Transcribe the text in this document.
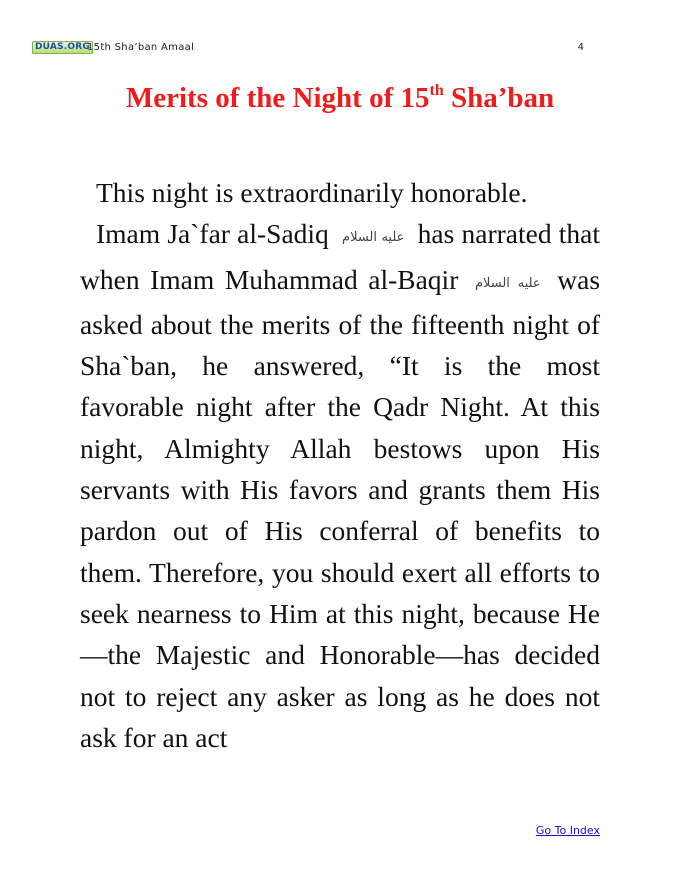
DUAS.ORG
15th Sha’ban Amaal	4
Merits of the Night of 15th Sha’ban

This night is extraordinarily honorable.

Imam Ja`far al-Sadiq عليه السلام has narrated that when Imam Muhammad al-Baqir عليه السلام was asked about the merits of the fifteenth night of Sha`ban, he answered, “It is the most favorable night after the Qadr Night. At this night, Almighty Allah bestows upon His servants with His favors and grants them His pardon out of His conferral of benefits to them. Therefore, you should exert all efforts to seek nearness to Him at this night, because He—the Majestic and Honorable—has decided not to reject any asker as long as he does not ask for an act

Go To Index
